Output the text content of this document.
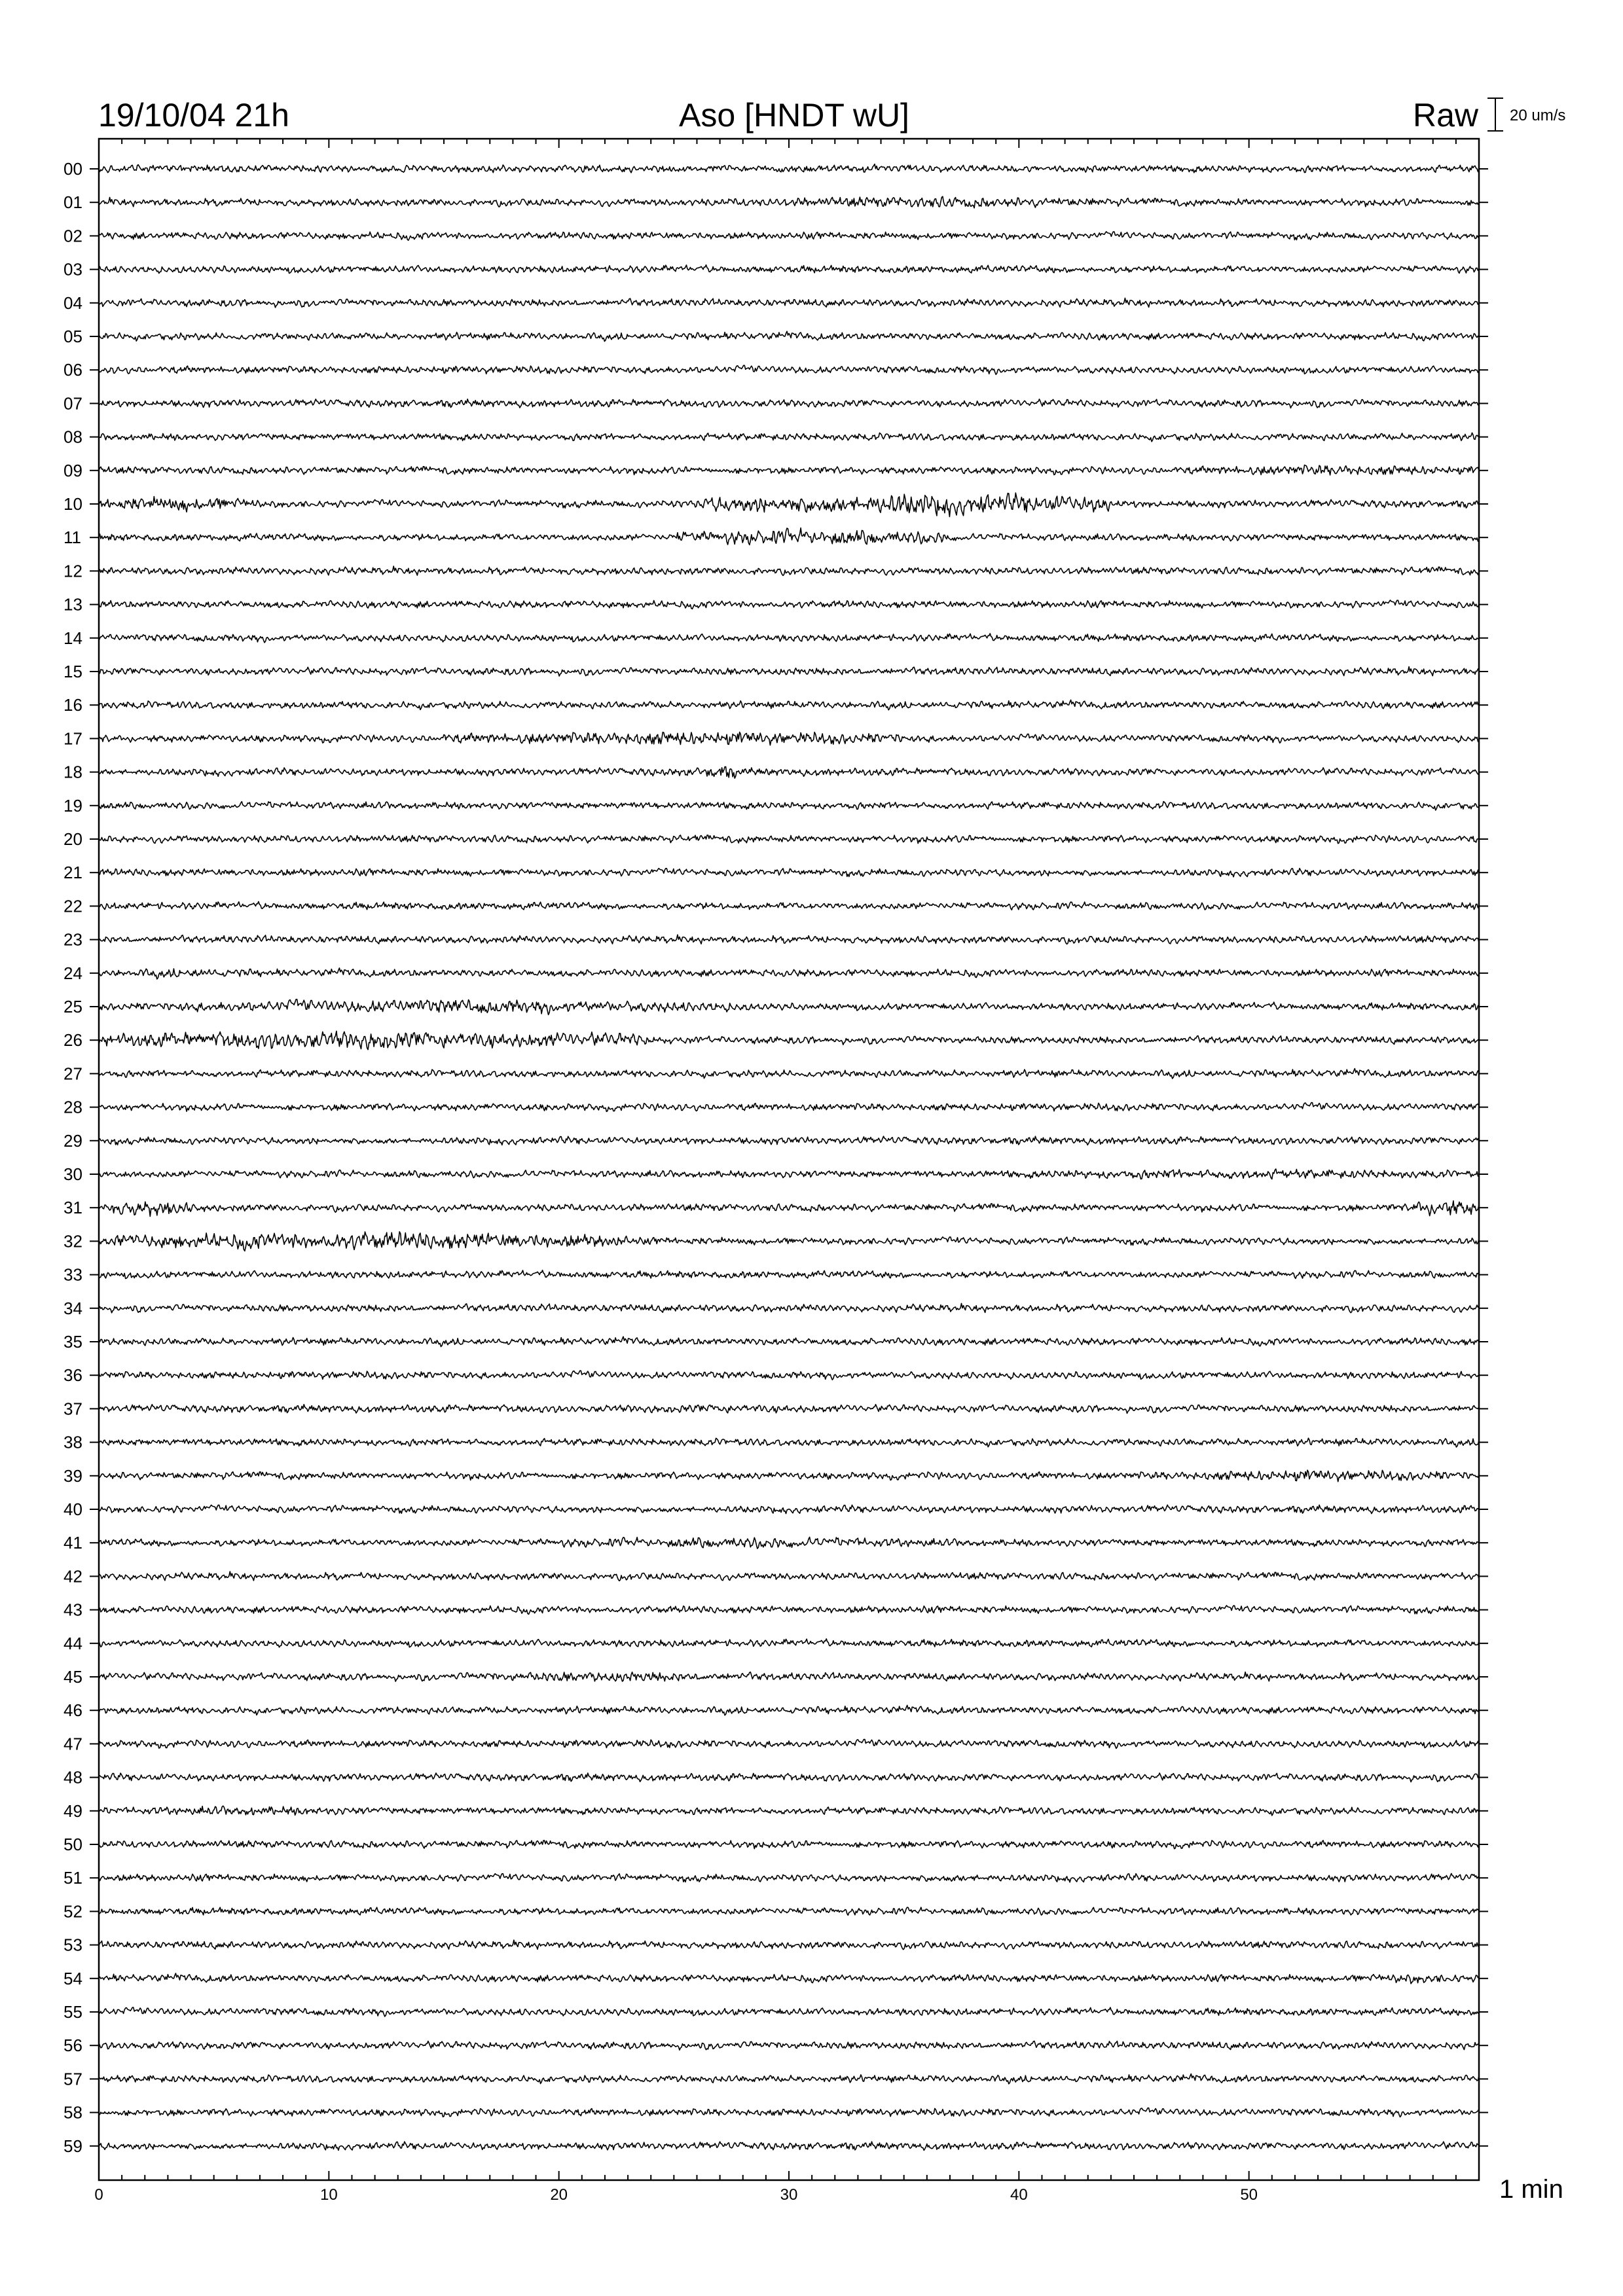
19/10/04 21h	Aso [HNDT wU]	Raw 20 um/s
00
01
02
03
04
05
06
07
08
09
10
11
12
13
14
15
16
17
18
19
20
21
22
23
24
25
26
27
28
29
30
31
32
33
34
35
36
37
38
39
40
41
42
43
44
45
46
47
48
49
50
51
52
53
54
55
56
57
58
59
0	10	20	30	40	50	1 min
